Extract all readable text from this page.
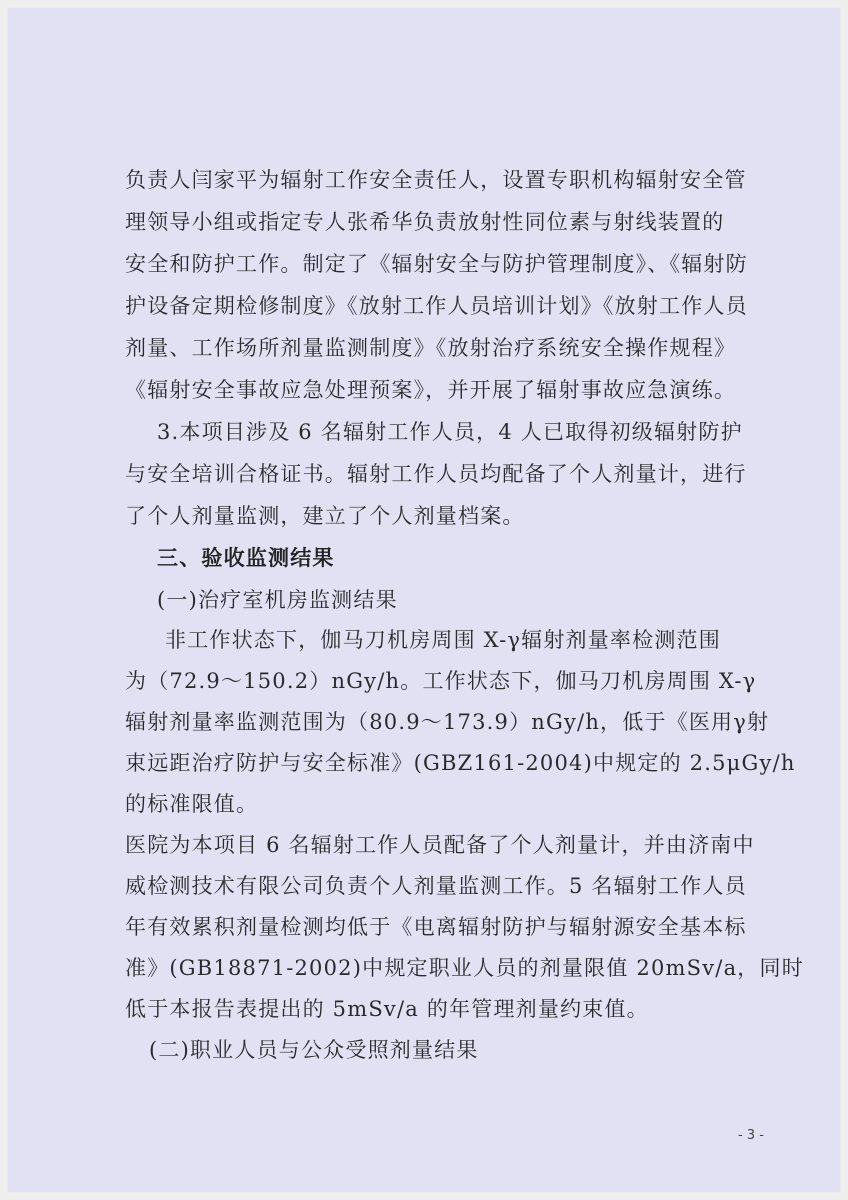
负责人闫家平为辐射工作安全责任人，设置专职机构辐射安全管
理领导小组或指定专人张希华负责放射性同位素与射线装置的
安全和防护工作。制定了《辐射安全与防护管理制度》、《辐射防
护设备定期检修制度》《放射工作人员培训计划》《放射工作人员
剂量、工作场所剂量监测制度》《放射治疗系统安全操作规程》
《辐射安全事故应急处理预案》，并开展了辐射事故应急演练。
3.本项目涉及 6 名辐射工作人员，4 人已取得初级辐射防护
与安全培训合格证书。辐射工作人员均配备了个人剂量计，进行
了个人剂量监测，建立了个人剂量档案。
三、验收监测结果
(一)治疗室机房监测结果
非工作状态下，伽马刀机房周围 X-γ辐射剂量率检测范围
为（72.9～150.2）nGy/h。工作状态下，伽马刀机房周围 X-γ
辐射剂量率监测范围为（80.9～173.9）nGy/h，低于《医用γ射
束远距治疗防护与安全标准》(GBZ161-2004)中规定的 2.5μGy/h
的标准限值。
医院为本项目 6 名辐射工作人员配备了个人剂量计，并由济南中
威检测技术有限公司负责个人剂量监测工作。5 名辐射工作人员
年有效累积剂量检测均低于《电离辐射防护与辐射源安全基本标
准》(GB18871-2002)中规定职业人员的剂量限值 20mSv/a，同时
低于本报告表提出的 5mSv/a 的年管理剂量约束值。
(二)职业人员与公众受照剂量结果
- 3 -
